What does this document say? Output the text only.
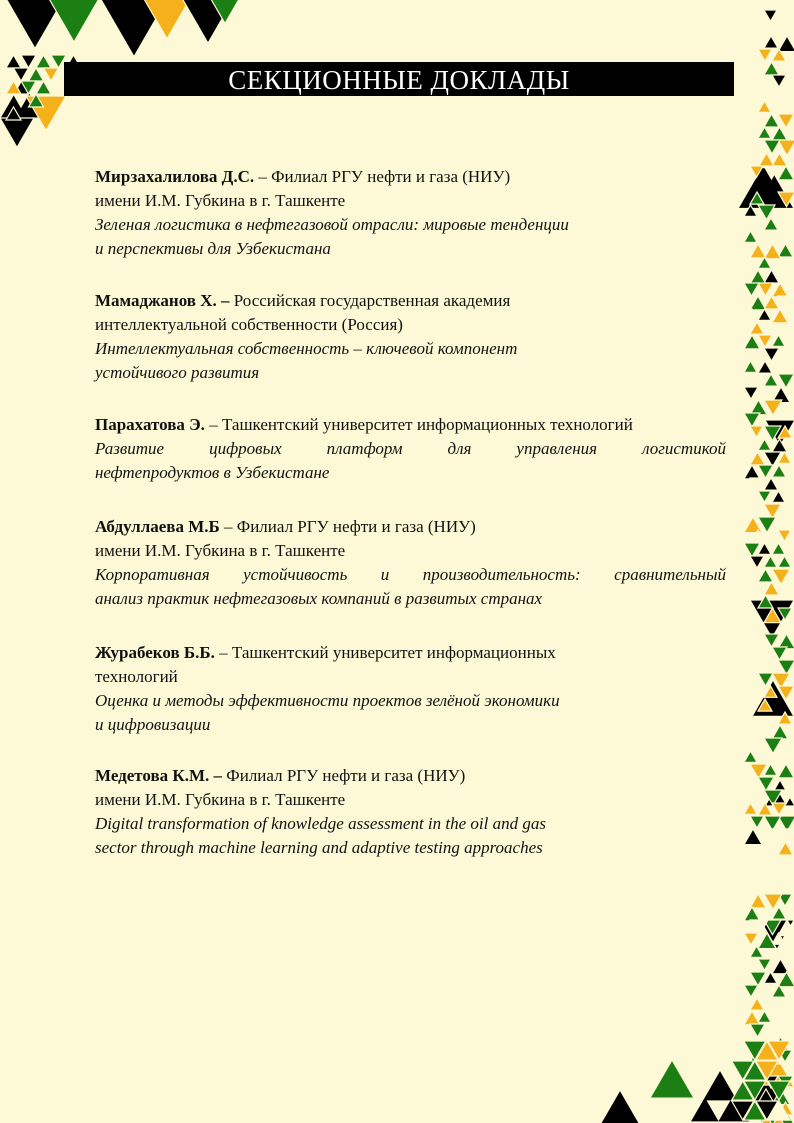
СЕКЦИОННЫЕ ДОКЛАДЫ

Мирзахалилова Д.С. – Филиал РГУ нефти и газа (НИУ)

имени И.М. Губкина в г. Ташкенте

Зеленая логистика в нефтегазовой отрасли: мировые тенденции

и перспективы для Узбекистана

Мамаджанов Х. – Российская государственная академия

интеллектуальной собственности (Россия)

Интеллектуальная собственность – ключевой компонент

устойчивого развития

Парахатова Э. – Ташкентский университет информационных технологий

Развитие цифровых платформ для управления логистикой

нефтепродуктов в Узбекистане

Абдуллаева М.Б – Филиал РГУ нефти и газа (НИУ)

имени И.М. Губкина в г. Ташкенте

Корпоративная устойчивость и производительность: сравнительный

анализ практик нефтегазовых компаний в развитых странах

Журабеков Б.Б. – Ташкентский университет информационных

технологий

Оценка и методы эффективности проектов зелёной экономики

и цифровизации

Медетова К.М. – Филиал РГУ нефти и газа (НИУ)

имени И.М. Губкина в г. Ташкенте

Digital transformation of knowledge assessment in the oil and gas

sector through machine learning and adaptive testing approaches
